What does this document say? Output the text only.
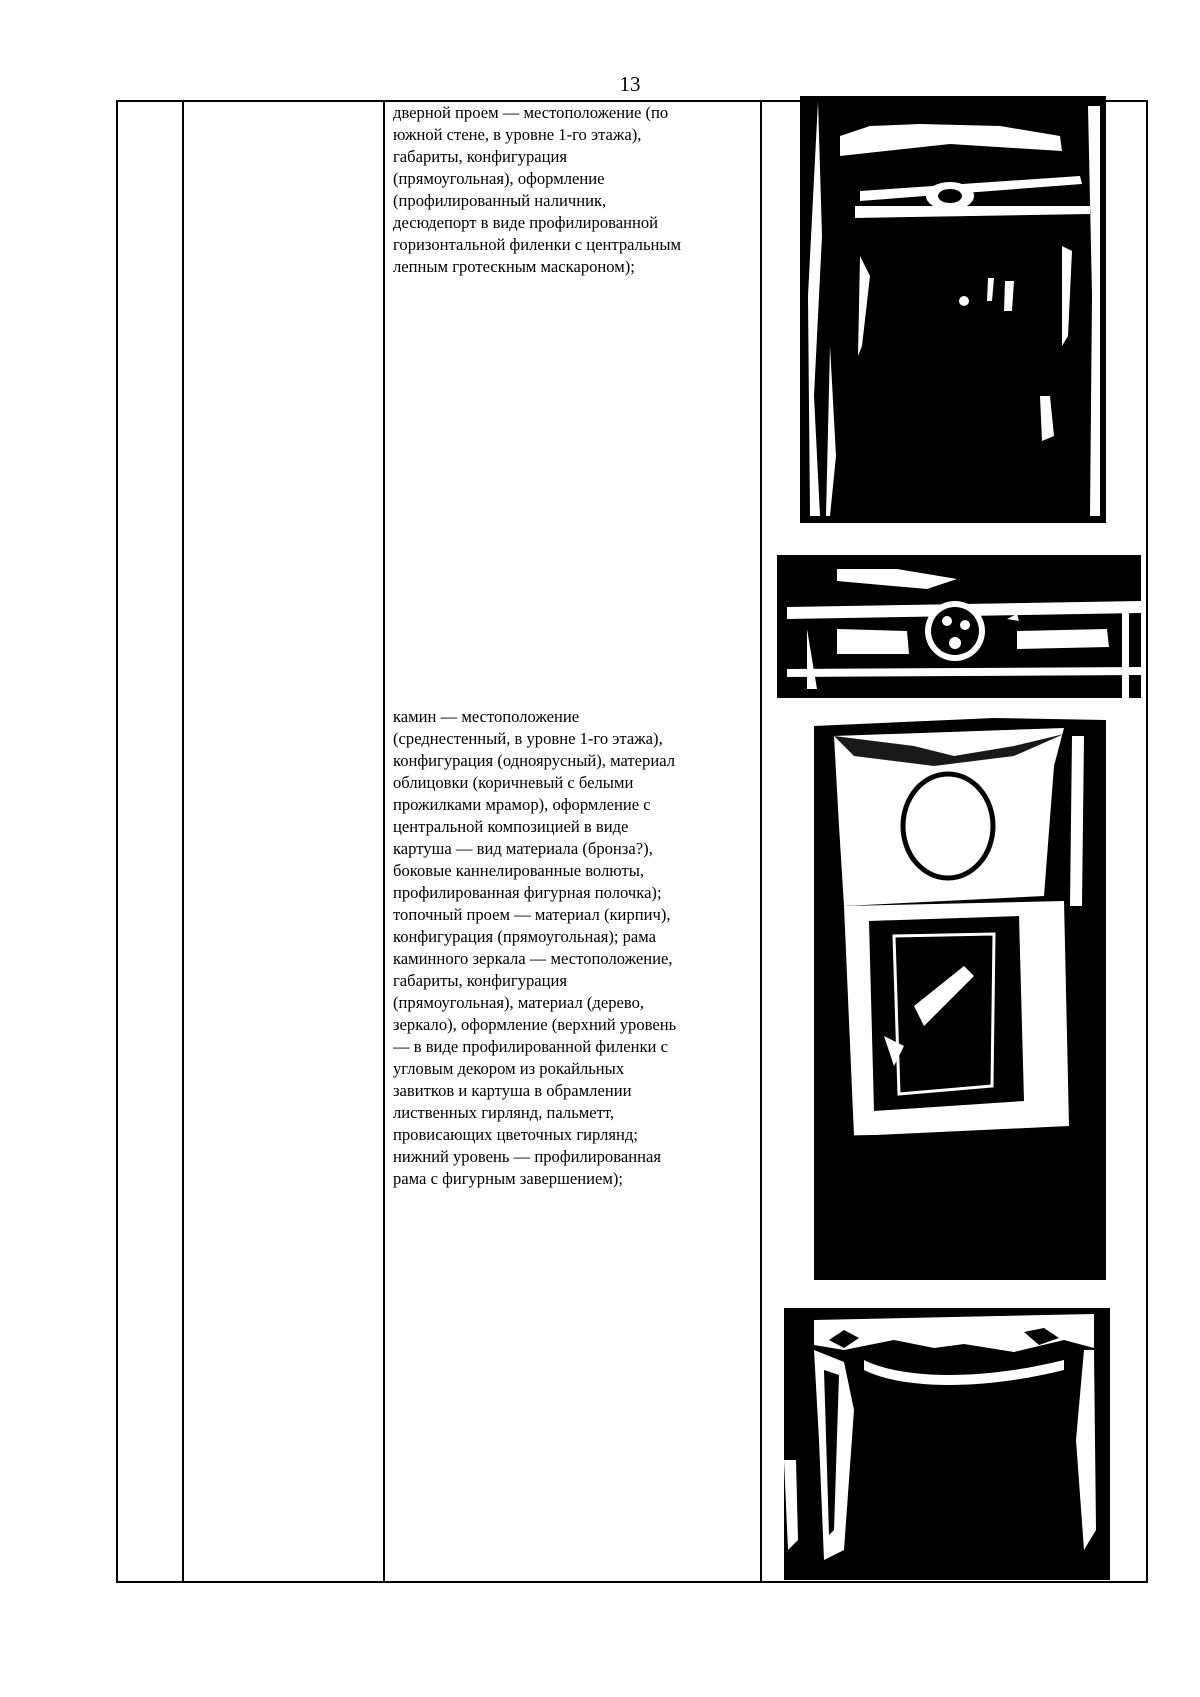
13
дверной проем — местоположение (по
южной стене, в уровне 1-го этажа),
габариты, конфигурация
(прямоугольная), оформление
(профилированный наличник,
десюдепорт в виде профилированной
горизонтальной филенки с центральным
лепным гротескным маскароном);
камин — местоположение
(среднестенный, в уровне 1-го этажа),
конфигурация (одноярусный), материал
облицовки (коричневый с белыми
прожилками мрамор), оформление с
центральной композицией в виде
картуша — вид материала (бронза?),
боковые каннелированные волюты,
профилированная фигурная полочка);
топочный проем — материал (кирпич),
конфигурация (прямоугольная); рама
каминного зеркала — местоположение,
габариты, конфигурация
(прямоугольная), материал (дерево,
зеркало), оформление (верхний уровень
— в виде профилированной филенки с
угловым декором из рокайльных
завитков и картуша в обрамлении
лиственных гирлянд, пальметт,
провисающих цветочных гирлянд;
нижний уровень — профилированная
рама с фигурным завершением);
